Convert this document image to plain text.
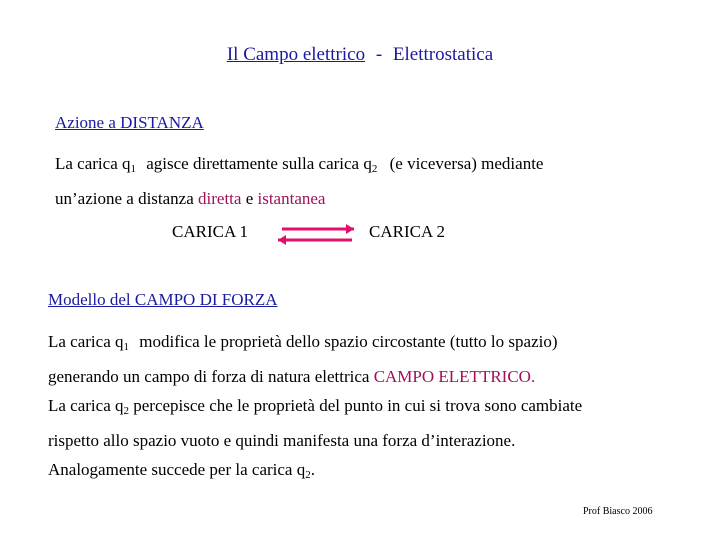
Il Campo elettrico - Elettrostatica
Azione a DISTANZA
La carica $q_1$ agisce direttamente sulla carica $q_2$ (e viceversa) mediante
un’azione a distanza diretta e istantanea
CARICA 1	CARICA 2
Modello del CAMPO DI FORZA
La carica $q_1$ modifica le proprietà dello spazio circostante (tutto lo spazio)
generando un campo di forza di natura elettrica CAMPO ELETTRICO.
La carica $q_2$ percepisce che le proprietà del punto in cui si trova sono cambiate
rispetto allo spazio vuoto e quindi manifesta una forza d’interazione.
Analogamente succede per la carica $q_2$.
Prof Biasco 2006
